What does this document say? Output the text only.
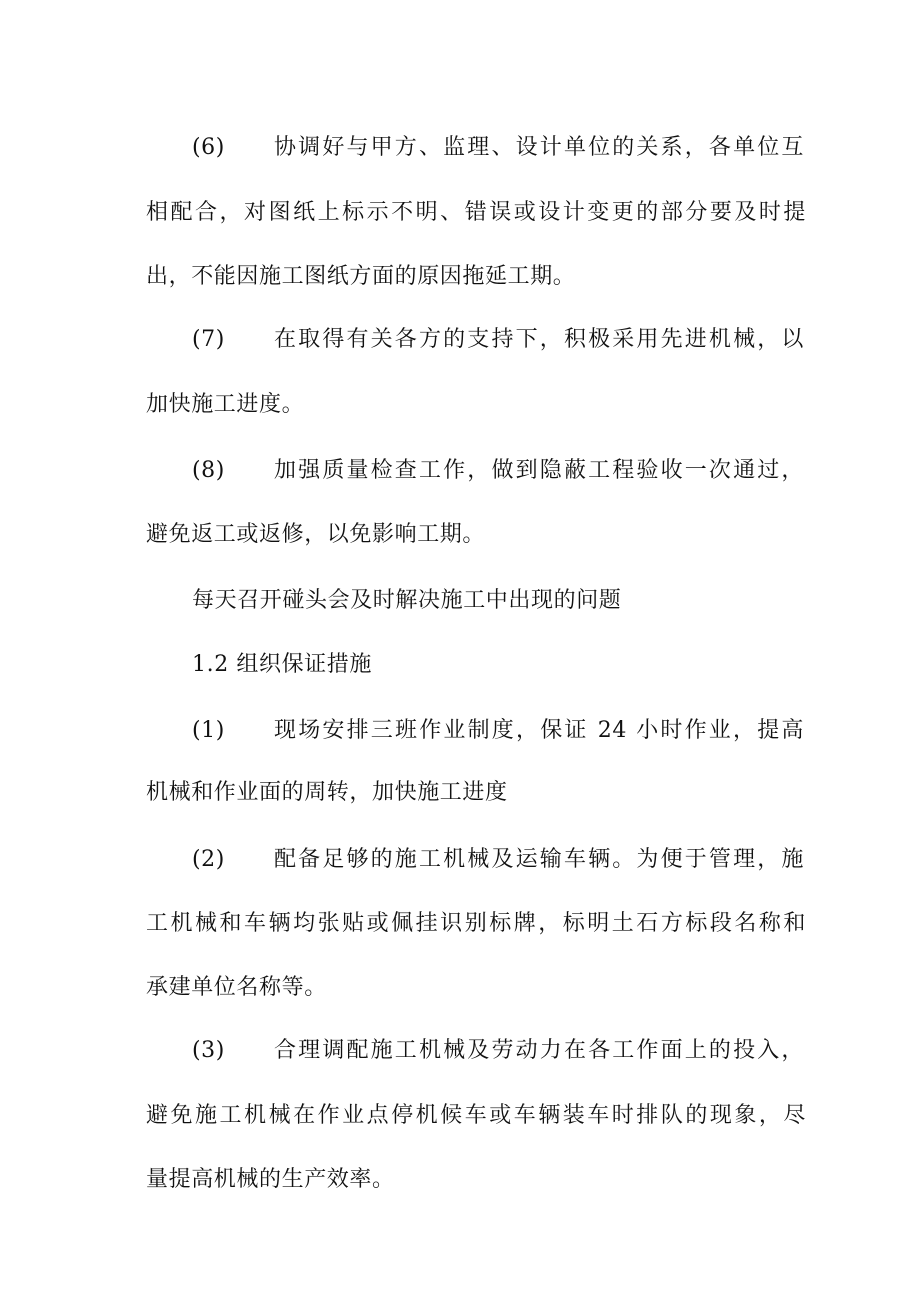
(6)	协调好与甲方、监理、设计单位的关系，各单位互
相配合，对图纸上标示不明、错误或设计变更的部分要及时提
出，不能因施工图纸方面的原因拖延工期。
(7)	在取得有关各方的支持下，积极采用先进机械，以
加快施工进度。
(8)	加强质量检查工作，做到隐蔽工程验收一次通过，
避免返工或返修，以免影响工期。
每天召开碰头会及时解决施工中出现的问题
1.2 组织保证措施
(1)	现场安排三班作业制度，保证 24 小时作业，提高
机械和作业面的周转，加快施工进度
(2)	配备足够的施工机械及运输车辆。为便于管理，施
工机械和车辆均张贴或佩挂识别标牌，标明土石方标段名称和
承建单位名称等。
(3)	合理调配施工机械及劳动力在各工作面上的投入，
避免施工机械在作业点停机候车或车辆装车时排队的现象，尽
量提高机械的生产效率。
